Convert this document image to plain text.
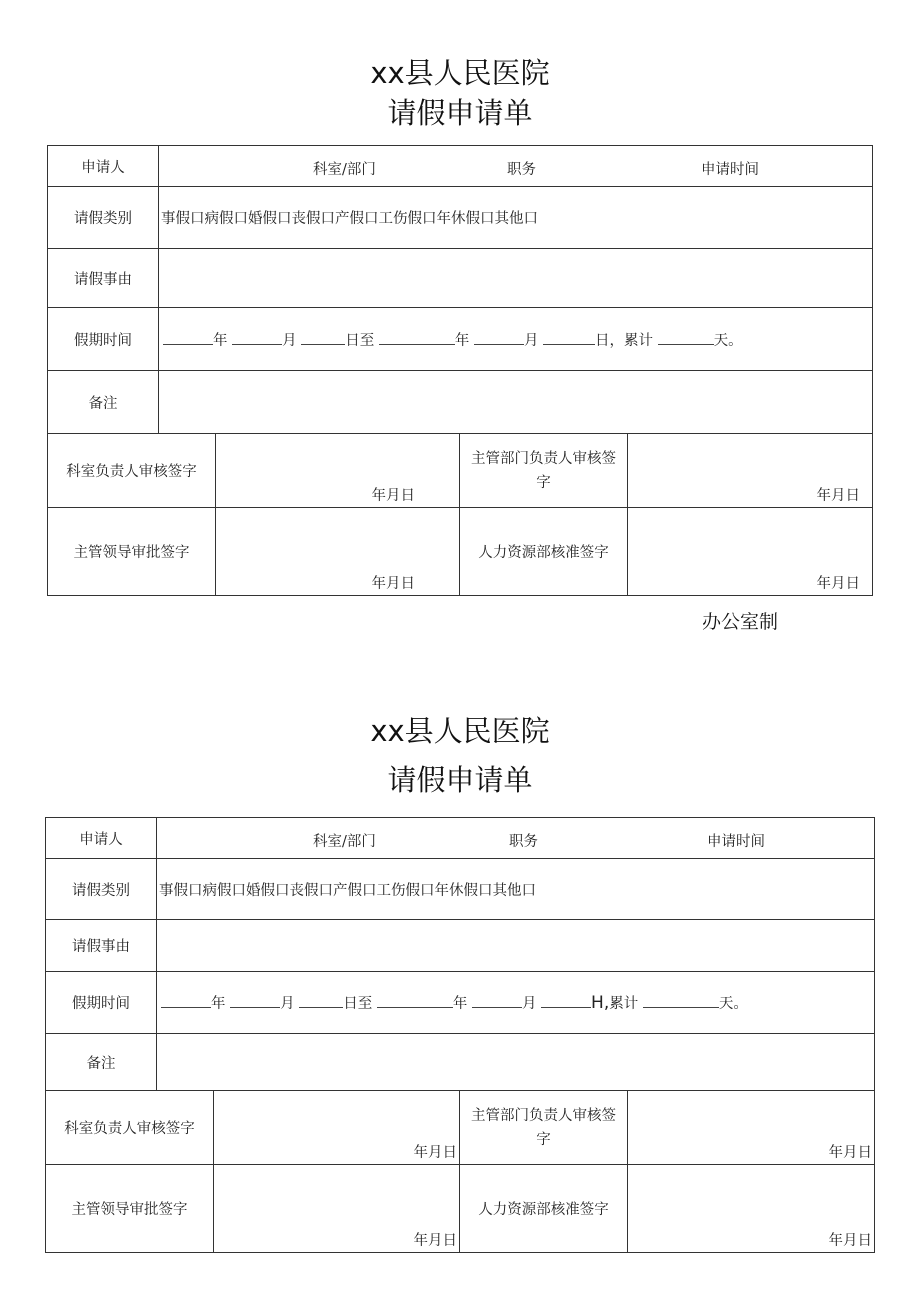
xx县人民医院
请假申请单
申请人	科室/部门 职务 申请时间			

请假类别	事假口病假口婚假口丧假口产假口工伤假口年休假口其他口			
请假事由				
假期时间	年 月 日至 年 月 日，累计 天。			
备注				
科室负责人审核签字		年月日	主管部门负责人审核签字	年月日

主管领导审批签字		年月日	人力资源部核准签字	年月日
办公室制
xx县人民医院
请假申请单
申请人	科室/部门 职务 申请时间			

请假类别	事假口病假口婚假口丧假口产假口工伤假口年休假口其他口			
请假事由				
假期时间	年 月 日至 年 月 H,累计 天。			
备注				
科室负责人审核签字		年月日	主管部门负责人审核签字	年月日

主管领导审批签字		年月日	人力资源部核准签字	年月日
